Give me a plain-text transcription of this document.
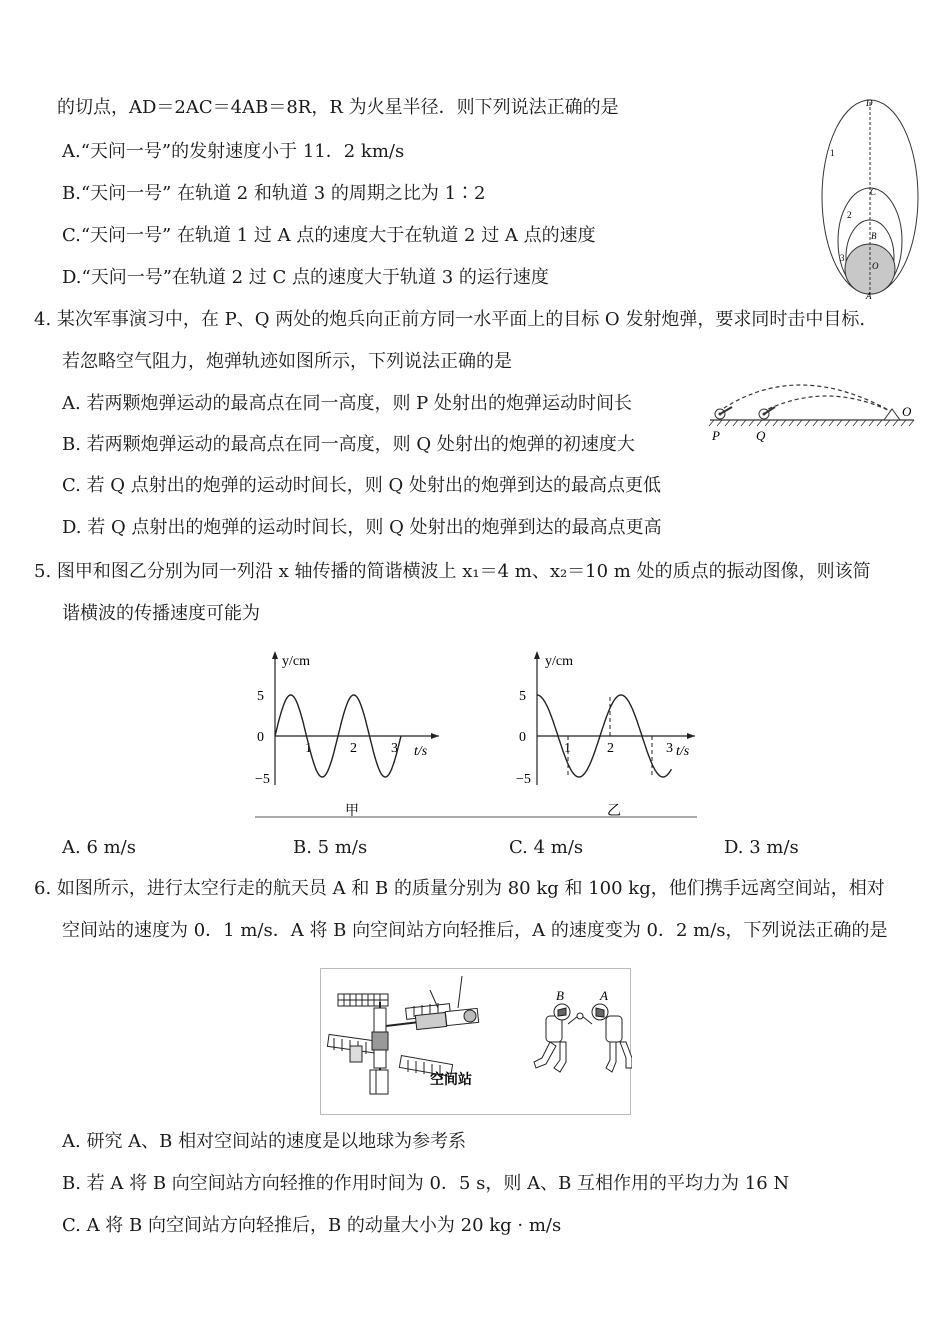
的切点，AD＝2AC＝4AB＝8R，R 为火星半径．则下列说法正确的是
A.“天问一号”的发射速度小于 11．2 km/s
B.“天问一号” 在轨道 2 和轨道 3 的周期之比为 1∶2
C.“天问一号” 在轨道 1 过 A 点的速度大于在轨道 2 过 A 点的速度
D.“天问一号”在轨道 2 过 C 点的速度大于轨道 3 的运行速度
D
C
B
O
A
1
2
3
4. 某次军事演习中，在 P、Q 两处的炮兵向正前方同一水平面上的目标 O 发射炮弹，要求同时击中目标.
若忽略空气阻力，炮弹轨迹如图所示，下列说法正确的是
A. 若两颗炮弹运动的最高点在同一高度，则 P 处射出的炮弹运动时间长
B. 若两颗炮弹运动的最高点在同一高度，则 Q 处射出的炮弹的初速度大
C. 若 Q 点射出的炮弹的运动时间长，则 Q 处射出的炮弹到达的最高点更低
D. 若 Q 点射出的炮弹的运动时间长，则 Q 处射出的炮弹到达的最高点更高
P	Q
O
5. 图甲和图乙分别为同一列沿 x 轴传播的简谐横波上 x₁＝4 m、x₂＝10 m 处的质点的振动图像，则该简
谐横波的传播速度可能为
y/cm
t/s
5
0
−5
1	2 3
甲
y/cm
t/s
5
0
−5
1	2	3
乙
A. 6 m/s	B. 5 m/s	C. 4 m/s	D. 3 m/s
6. 如图所示，进行太空行走的航天员 A 和 B 的质量分别为 80 kg 和 100 kg，他们携手远离空间站，相对
空间站的速度为 0．1 m/s．A 将 B 向空间站方向轻推后，A 的速度变为 0．2 m/s，下列说法正确的是
空间站
B	A
A. 研究 A、B 相对空间站的速度是以地球为参考系
B. 若 A 将 B 向空间站方向轻推的作用时间为 0．5 s，则 A、B 互相作用的平均力为 16 N
C. A 将 B 向空间站方向轻推后，B 的动量大小为 20 kg · m/s
